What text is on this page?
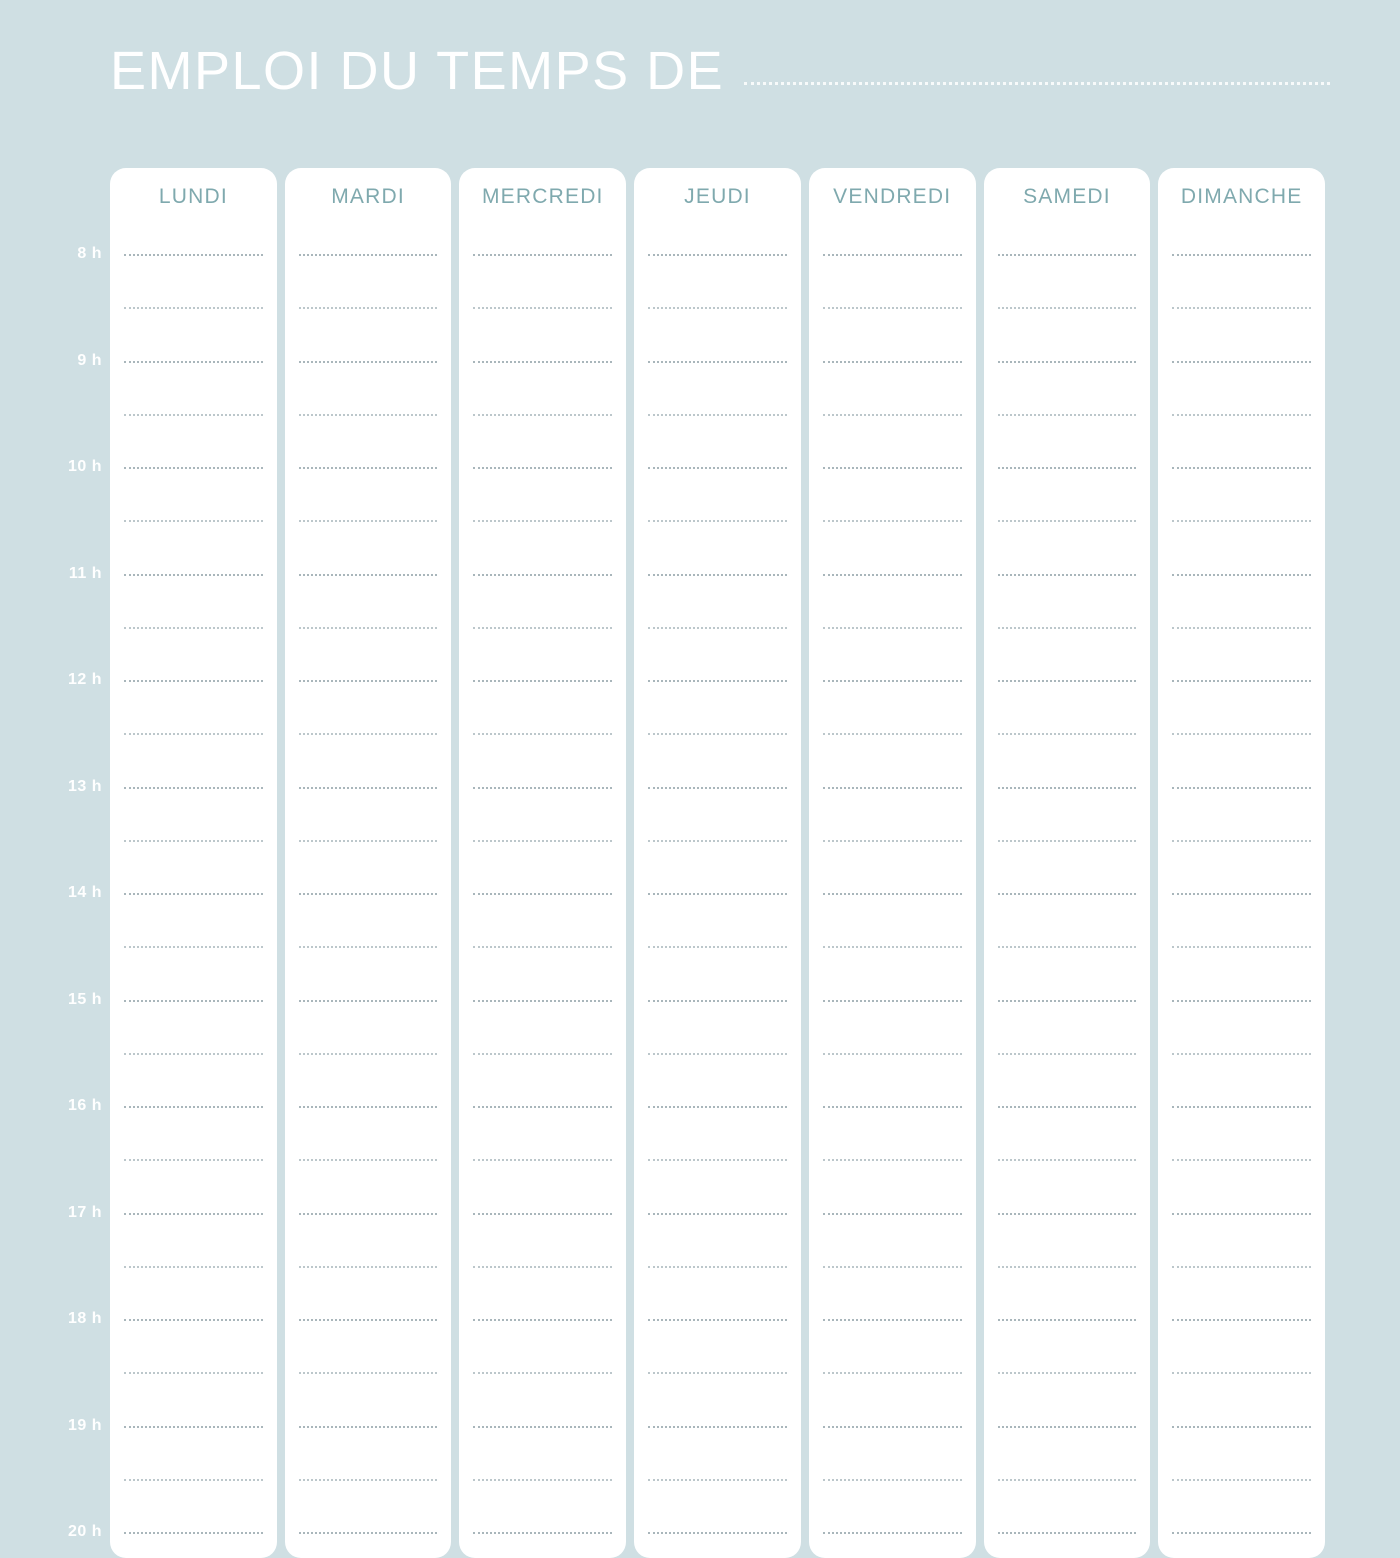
EMPLOI DU TEMPS DE
8 h
9 h
10 h
11 h
12 h
13 h
14 h
15 h
16 h
17 h
18 h
19 h
20 h
LUNDI	MARDI	MERCREDI	JEUDI	VENDREDI	SAMEDI	DIMANCHE
